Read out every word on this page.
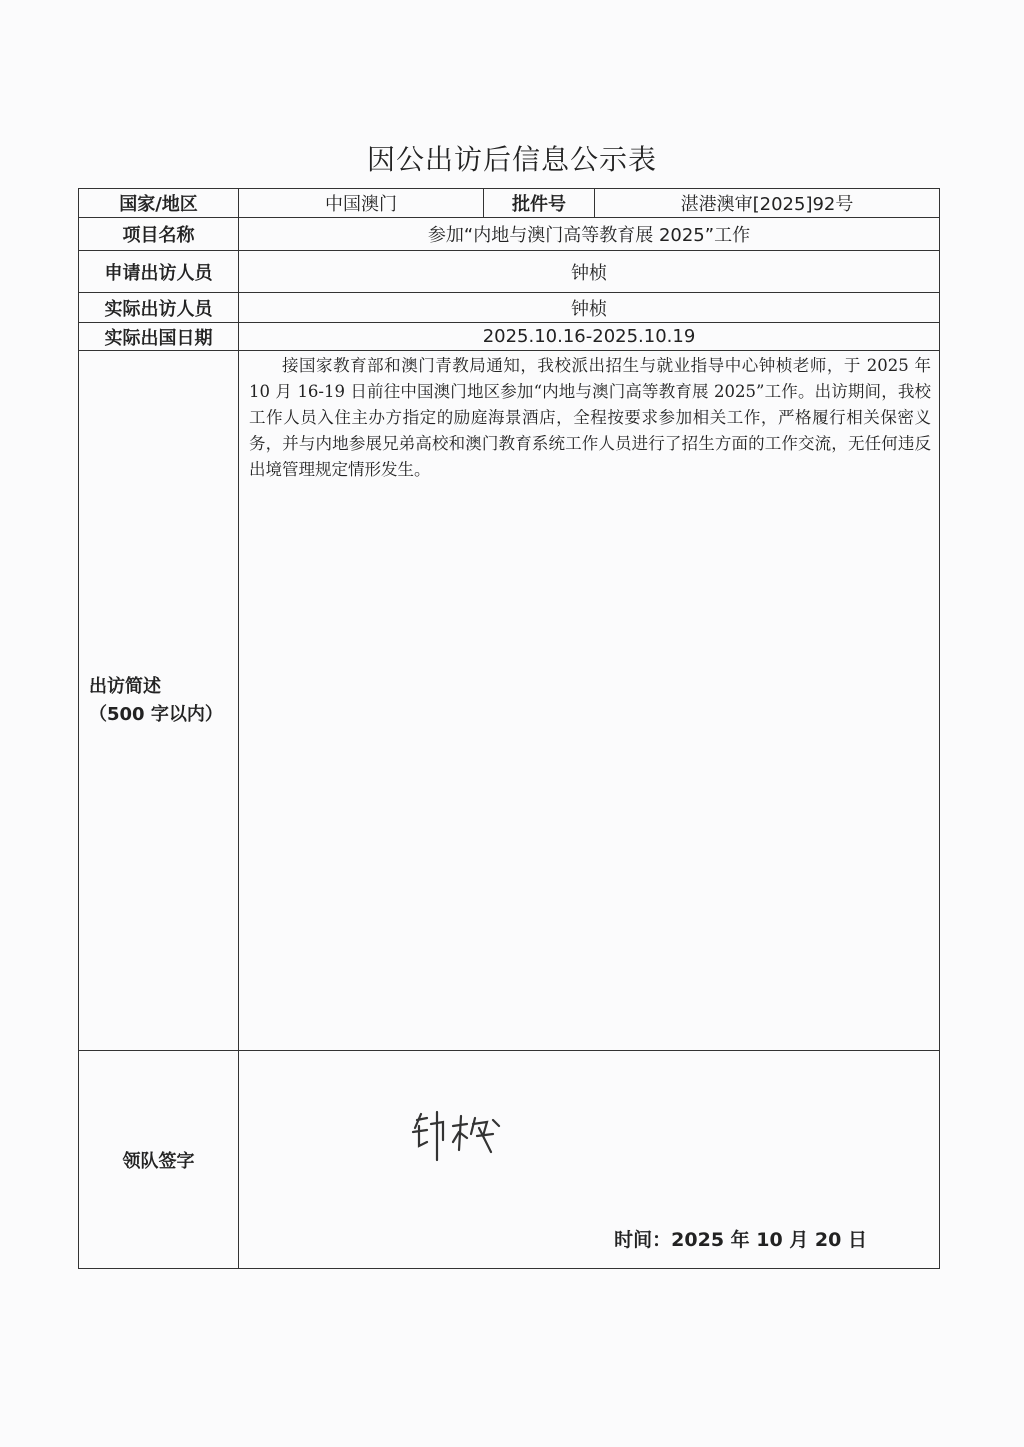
因公出访后信息公示表
国家/地区	中国澳门	批件号	湛港澳审[2025]92号
项目名称	参加“内地与澳门高等教育展 2025”工作		
申请出访人员	钟桢		
实际出访人员	钟桢		
实际出国日期	2025.10.16-2025.10.19		

出访简述
（500 字以内）	接国家教育部和澳门青教局通知，我校派出招生与就业指导中心钟桢老师，于 2025 年 10 月 16-19 日前往中国澳门地区参加“内地与澳门高等教育展 2025”工作。出访期间，我校工作人员入住主办方指定的励庭海景酒店，全程按要求参加相关工作，严格履行相关保密义务，并与内地参展兄弟高校和澳门教育系统工作人员进行了招生方面的工作交流，无任何违反出境管理规定情形发生。		
领队签字	时间：2025 年 10 月 20 日		
